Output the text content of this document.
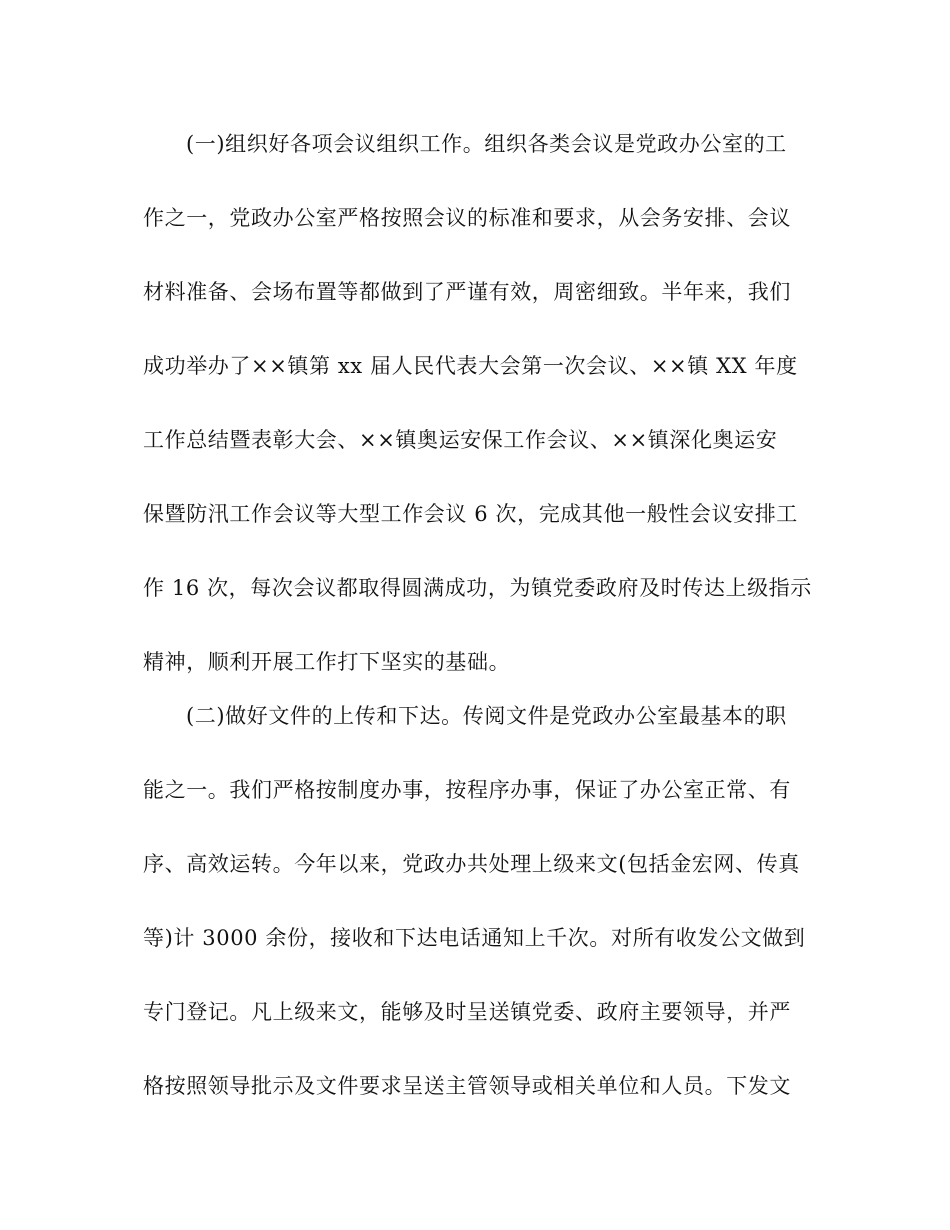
(一)组织好各项会议组织工作。组织各类会议是党政办公室的工
作之一，党政办公室严格按照会议的标准和要求，从会务安排、会议
材料准备、会场布置等都做到了严谨有效，周密细致。半年来，我们
成功举办了××镇第 xx 届人民代表大会第一次会议、××镇 XX 年度
工作总结暨表彰大会、××镇奥运安保工作会议、××镇深化奥运安
保暨防汛工作会议等大型工作会议 6 次，完成其他一般性会议安排工
作 16 次，每次会议都取得圆满成功，为镇党委政府及时传达上级指示
精神，顺利开展工作打下坚实的基础。
(二)做好文件的上传和下达。传阅文件是党政办公室最基本的职
能之一。我们严格按制度办事，按程序办事，保证了办公室正常、有
序、高效运转。今年以来，党政办共处理上级来文(包括金宏网、传真
等)计 3000 余份，接收和下达电话通知上千次。对所有收发公文做到
专门登记。凡上级来文，能够及时呈送镇党委、政府主要领导，并严
格按照领导批示及文件要求呈送主管领导或相关单位和人员。下发文
